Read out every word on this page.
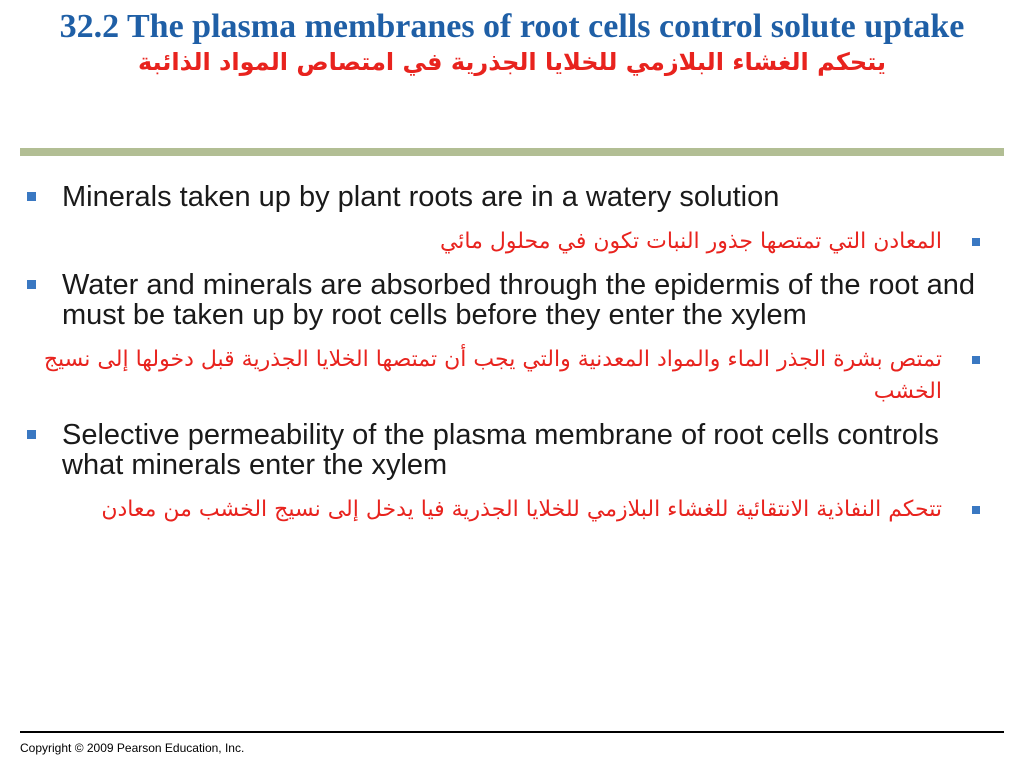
32.2 The plasma membranes of root cells control solute uptake
يتحكم الغشاء البلازمي للخلايا الجذرية في امتصاص المواد الذائبة
Minerals taken up by plant roots are in a watery solution
المعادن التي تمتصها جذور النبات تكون في محلول مائي
Water and minerals are absorbed through the epidermis of the root and must be taken up by root cells before they enter the xylem
تمتص بشرة الجذر الماء والمواد المعدنية والتي يجب أن تمتصها الخلايا الجذرية قبل دخولها إلى نسيج الخشب
Selective permeability of the plasma membrane of root cells controls what minerals enter the xylem
تتحكم النفاذية الانتقائية للغشاء البلازمي للخلايا الجذرية فيا يدخل إلى نسيج الخشب من معادن
Copyright © 2009 Pearson Education, Inc.
